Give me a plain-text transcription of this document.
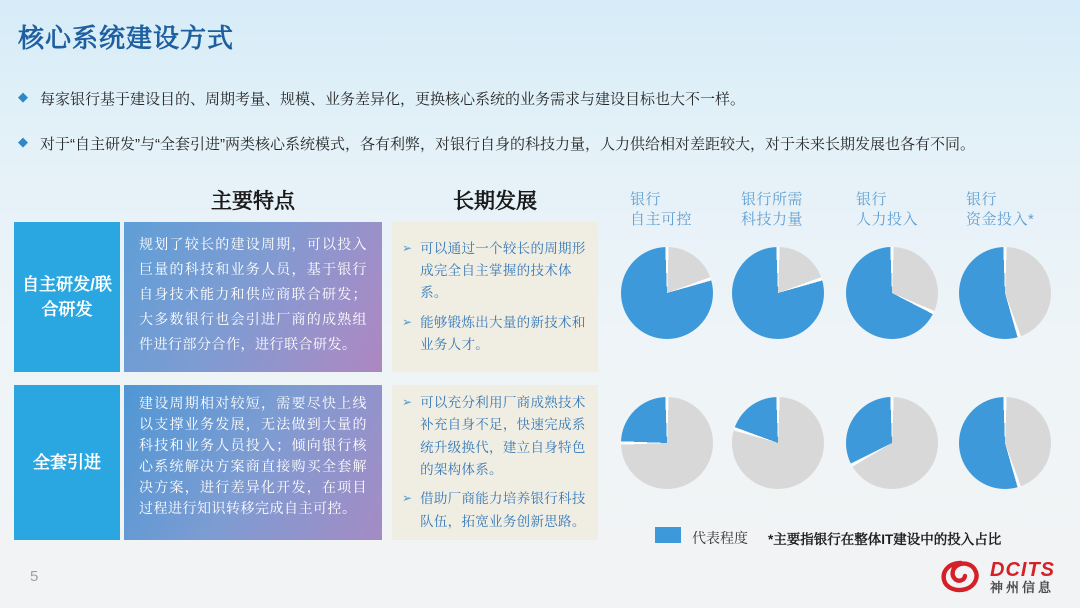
核心系统建设方式
◆ 每家银行基于建设目的、周期考量、规模、业务差异化，更换核心系统的业务需求与建设目标也大不一样。
◆ 对于“自主研发”与“全套引进”两类核心系统模式，各有利弊，对银行自身的科技力量，人力供给相对差距较大，对于未来长期发展也各有不同。
主要特点	长期发展
自主研发/联合研发
规划了较长的建设周期，可以投入巨量的科技和业务人员，基于银行自身技术能力和供应商联合研发；大多数银行也会引进厂商的成熟组件进行部分合作，进行联合研发。
➢ 可以通过一个较长的周期形成完全自主掌握的技术体系。
➢ 能够锻炼出大量的新技术和业务人才。
全套引进
建设周期相对较短，需要尽快上线以支撑业务发展，无法做到大量的科技和业务人员投入；倾向银行核心系统解决方案商直接购买全套解决方案，进行差异化开发，在项目过程进行知识转移完成自主可控。
➢ 可以充分利用厂商成熟技术补充自身不足，快速完成系统升级换代，建立自身特色的架构体系。
➢ 借助厂商能力培养银行科技队伍，拓宽业务创新思路。
银行
自主可控
银行所需
科技力量
银行
人力投入
银行
资金投入*
代表程度 *主要指银行在整体IT建设中的投入占比
5	DCITS
神州信息
